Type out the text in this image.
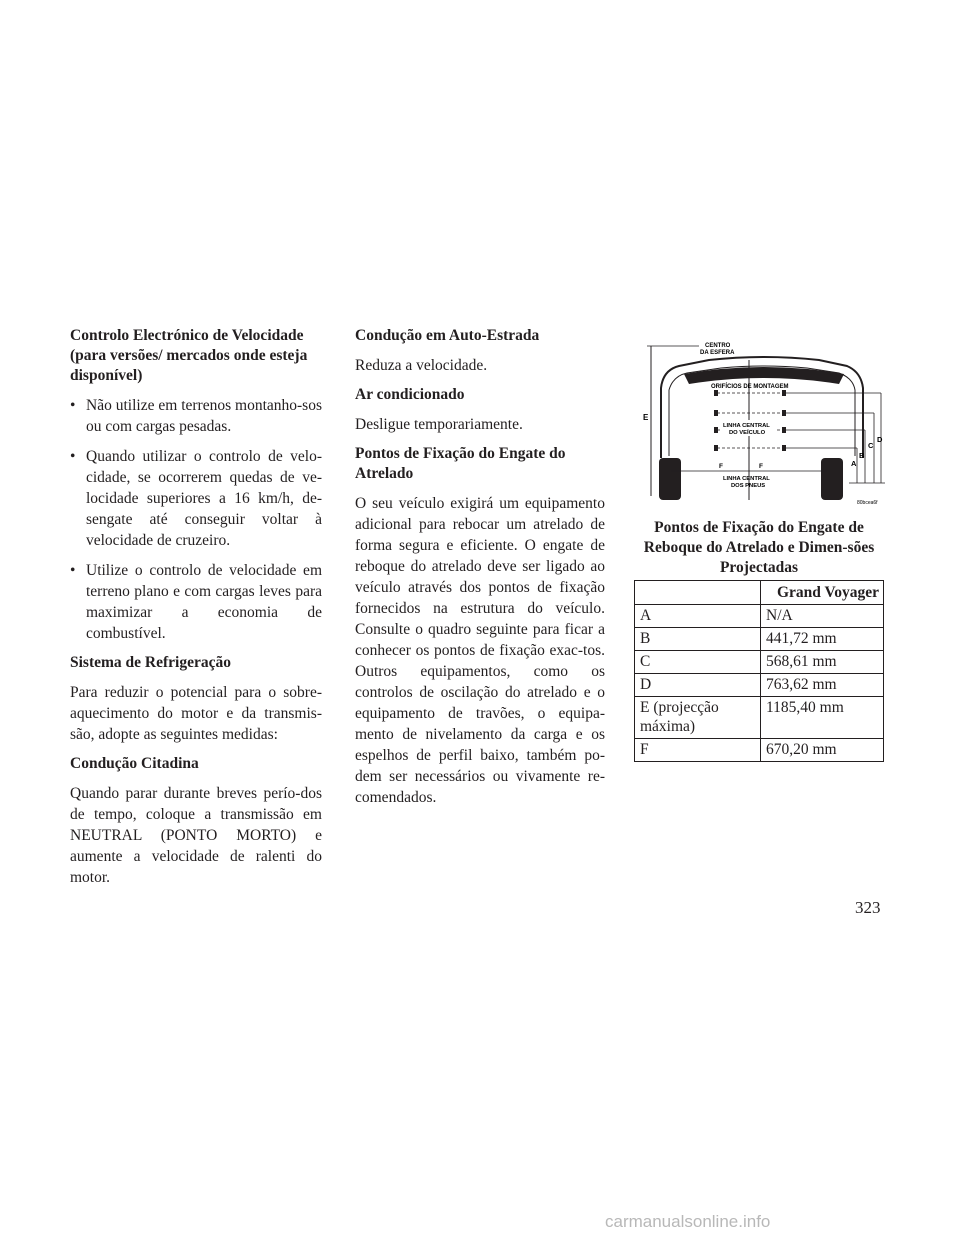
Controlo Electrónico de Velocidade (para versões/ mercados onde esteja disponível)
• Não utilize em terrenos montanho-sos ou com cargas pesadas.
• Quando utilizar o controlo de velo-cidade, se ocorrerem quedas de ve-locidade superiores a 16 km/h, de-sengate até conseguir voltar à velocidade de cruzeiro.
• Utilize o controlo de velocidade em terreno plano e com cargas leves para maximizar a economia de combustível.
Sistema de Refrigeração

Para reduzir o potencial para o sobre-aquecimento do motor e da transmis-são, adopte as seguintes medidas:

Condução Citadina

Quando parar durante breves perío-dos de tempo, coloque a transmissão em NEUTRAL (PONTO MORTO) e aumente a velocidade de ralenti do motor.

Condução em Auto-Estrada

Reduza a velocidade.

Ar condicionado

Desligue temporariamente.

Pontos de Fixação do Engate do Atrelado

O seu veículo exigirá um equipamento adicional para rebocar um atrelado de forma segura e eficiente. O engate de reboque do atrelado deve ser ligado ao veículo através dos pontos de fixação fornecidos na estrutura do veículo. Consulte o quadro seguinte para ficar a conhecer os pontos de fixação exac-tos. Outros equipamentos, como os controlos de oscilação do atrelado e o equipamento de travões, o equipa-mento de nivelamento da carga e os espelhos de perfil baixo, também po-dem ser necessários ou vivamente re-comendados.

E
A
B
C
D
F	F
CENTRO
DA ESFERA
ORIFÍCIOS DE MONTAGEM
LINHA CENTRAL
DO VEÍCULO
LINHA CENTRAL
DOS PNEUS
80bcea6f
Pontos de Fixação do Engate de Reboque do Atrelado e Dimen-sões Projectadas
	Grand Voyager
A	N/A
B	441,72 mm
C	568,61 mm
D	763,62 mm
E (projecção máxima)	1185,40 mm
F	670,20 mm
323
carmanualsonline.info
